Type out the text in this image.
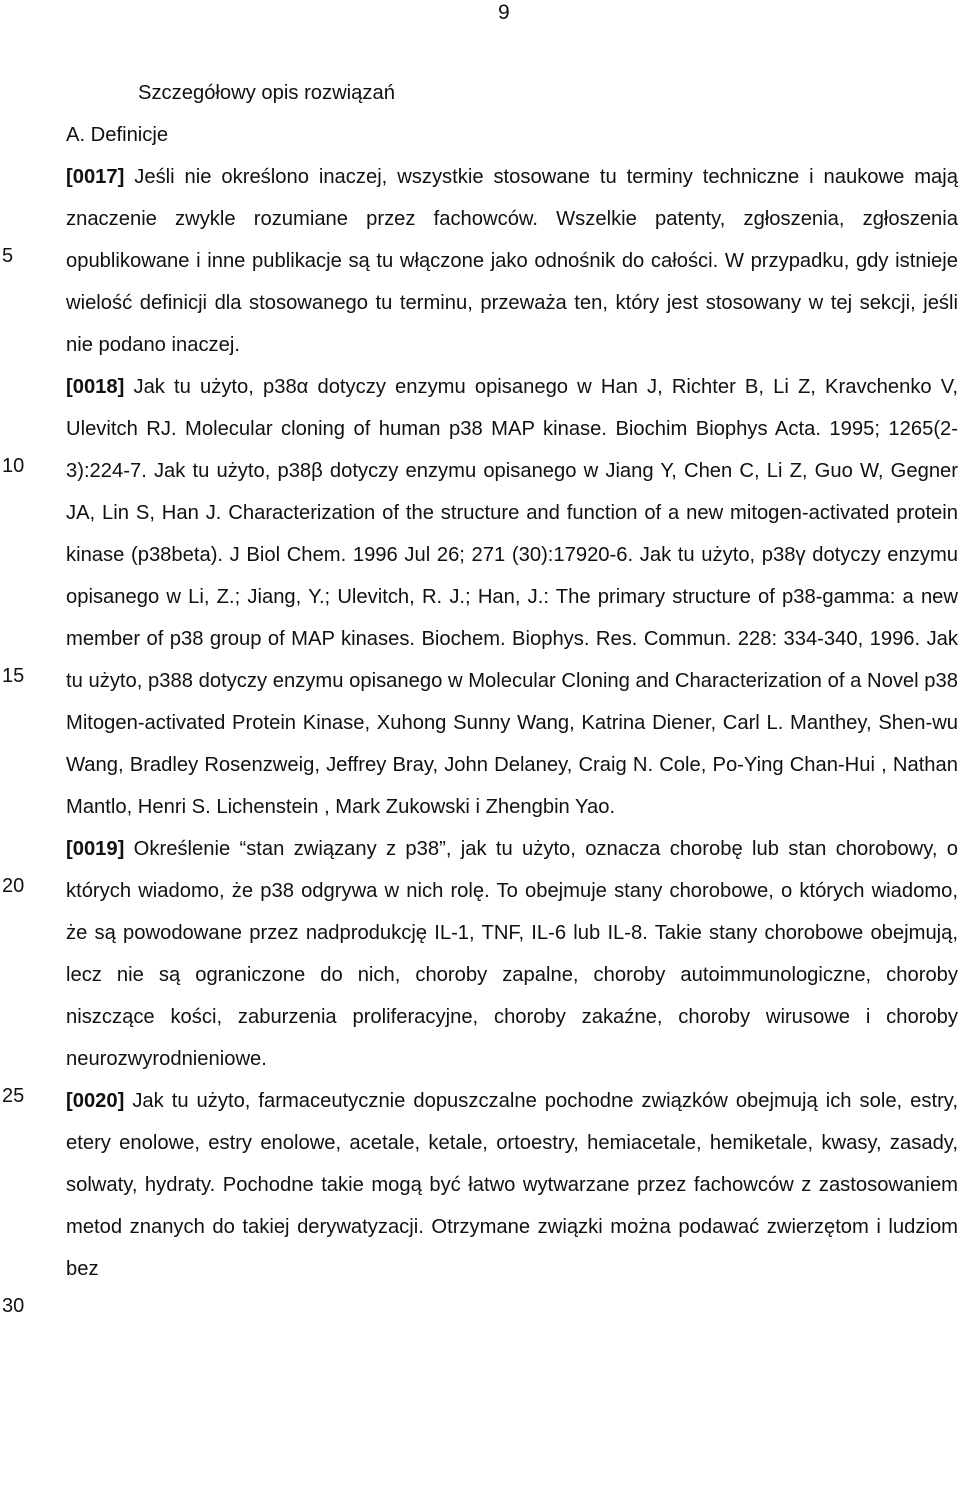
9
5
10
15
20
25
30

Szczegółowy opis rozwiązań

A. Definicje

[0017] Jeśli nie określono inaczej, wszystkie stosowane tu terminy techniczne i naukowe mają znaczenie zwykle rozumiane przez fachowców. Wszelkie patenty, zgłoszenia, zgłoszenia opublikowane i inne publikacje są tu włączone jako odnośnik do całości. W przypadku, gdy istnieje wielość definicji dla stosowanego tu terminu, przeważa ten, który jest stosowany w tej sekcji, jeśli nie podano inaczej.

[0018] Jak tu użyto, p38α dotyczy enzymu opisanego w Han J, Richter B, Li Z, Kravchenko V, Ulevitch RJ. Molecular cloning of human p38 MAP kinase. Biochim Biophys Acta. 1995; 1265(2-3):224-7. Jak tu użyto, p38β dotyczy enzymu opisanego w Jiang Y, Chen C, Li Z, Guo W, Gegner JA, Lin S, Han J. Characterization of the structure and function of a new mitogen-activated protein kinase (p38beta). J Biol Chem. 1996 Jul 26; 271 (30):17920-6. Jak tu użyto, p38γ dotyczy enzymu opisanego w Li, Z.; Jiang, Y.; Ulevitch, R. J.; Han, J.: The primary structure of p38-gamma: a new member of p38 group of MAP kinases. Biochem. Biophys. Res. Commun. 228: 334-340, 1996. Jak tu użyto, p388 dotyczy enzymu opisanego w Molecular Cloning and Characterization of a Novel p38 Mitogen-activated Protein Kinase, Xuhong Sunny Wang, Katrina Diener, Carl L. Manthey, Shen-wu Wang, Bradley Rosenzweig, Jeffrey Bray, John Delaney, Craig N. Cole, Po-Ying Chan-Hui , Nathan Mantlo, Henri S. Lichenstein , Mark Zukowski i Zhengbin Yao.

[0019] Określenie “stan związany z p38”, jak tu użyto, oznacza chorobę lub stan chorobowy, o których wiadomo, że p38 odgrywa w nich rolę. To obejmuje stany chorobowe, o których wiadomo, że są powodowane przez nadprodukcję IL-1, TNF, IL-6 lub IL-8. Takie stany chorobowe obejmują, lecz nie są ograniczone do nich, choroby zapalne, choroby autoimmunologiczne, choroby niszczące kości, zaburzenia proliferacyjne, choroby zakaźne, choroby wirusowe i choroby neurozwyrodnieniowe.

[0020] Jak tu użyto, farmaceutycznie dopuszczalne pochodne związków obejmują ich sole, estry, etery enolowe, estry enolowe, acetale, ketale, ortoestry, hemiacetale, hemiketale, kwasy, zasady, solwaty, hydraty. Pochodne takie mogą być łatwo wytwarzane przez fachowców z zastosowaniem metod znanych do takiej derywatyzacji. Otrzymane związki można podawać zwierzętom i ludziom bez
